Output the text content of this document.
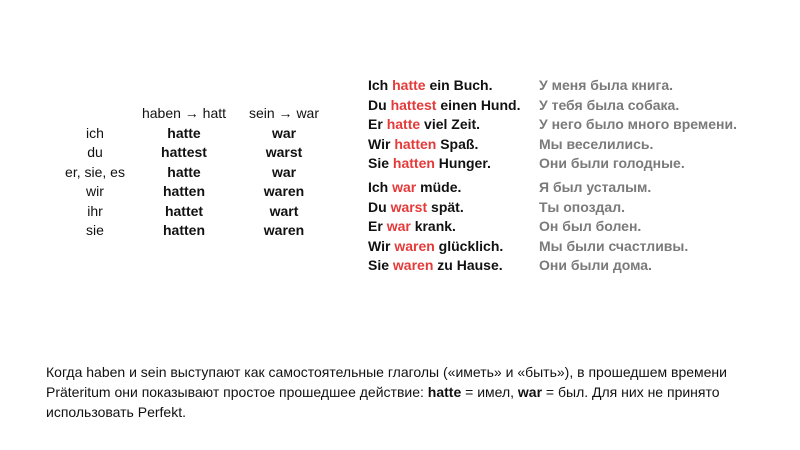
	haben → hatt	sein → war
ich	hatte	war
du	hattest	warst
er, sie, es	hatte	war
wir	hatten	waren
ihr	hattet	wart
sie	hatten	waren
Ich hatte ein Buch.	У меня была книга.
Du hattest einen Hund. У тебя была собака.
Er hatte viel Zeit.	У него было много времени.
Wir hatten Spaß.	Мы веселились.
Sie hatten Hunger.	Они были голодные.
Ich war müde.	Я был усталым.
Du warst spät.	Ты опоздал.
Er war krank.	Он был болен.
Wir waren glücklich.	Мы были счастливы.
Sie waren zu Hause.	Они были дома.

Когда haben и sein выступают как самостоятельные глаголы («иметь» и «быть»), в прошедшем времени Präteritum они показывают простое прошедшее действие: hatte = имел, war = был. Для них не принято использовать Perfekt.
